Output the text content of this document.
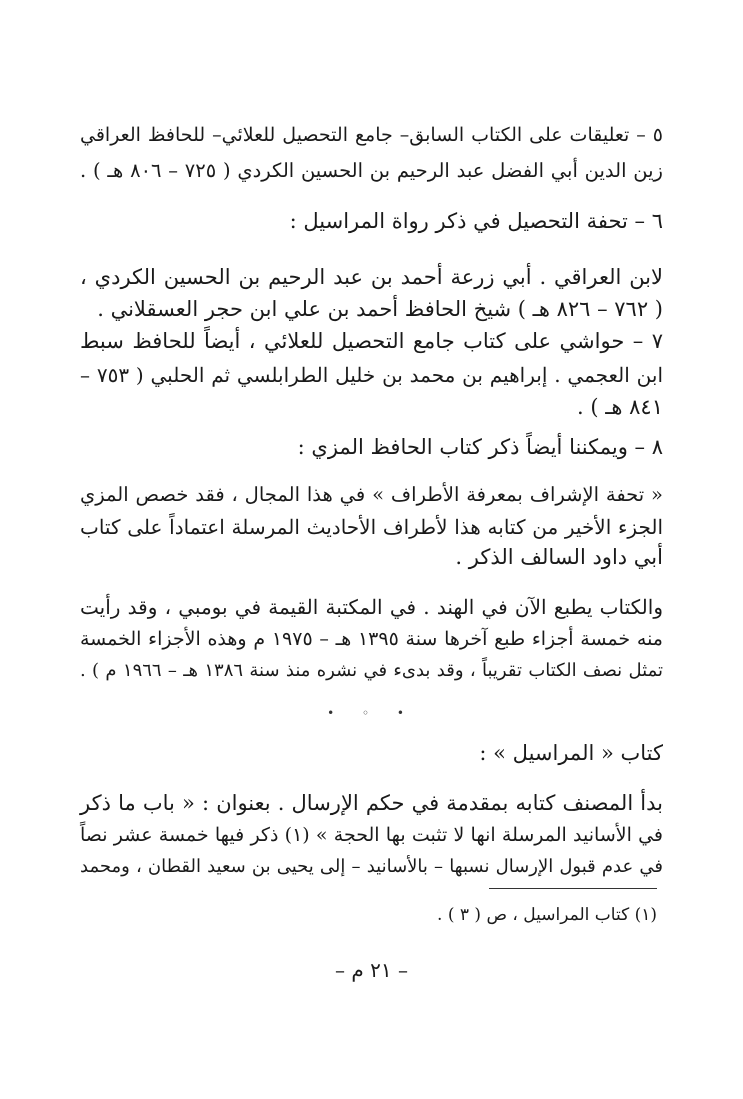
٥ – تعليقات على الكتاب السابق– جامع التحصيل للعلائي– للحافظ العراقي
زين الدين أبي الفضل عبد الرحيم بن الحسين الكردي ( ٧٢٥ – ٨٠٦ هـ ) .
٦ – تحفة التحصيل في ذكر رواة المراسيل :
لابن العراقي . أبي زرعة أحمد بن عبد الرحيم بن الحسين الكردي ،
( ٧٦٢ – ٨٢٦ هـ ) شيخ الحافظ أحمد بن علي ابن حجر العسقلاني .
٧ – حواشي على كتاب جامع التحصيل للعلائي ، أيضاً للحافظ سبط
ابن العجمي . إبراهيم بن محمد بن خليل الطرابلسي ثم الحلبي ( ٧٥٣ –
٨٤١ هـ ) .
٨ – ويمكننا أيضاً ذكر كتاب الحافظ المزي :
« تحفة الإشراف بمعرفة الأطراف » في هذا المجال ، فقد خصص المزي
الجزء الأخير من كتابه هذا لأطراف الأحاديث المرسلة اعتماداً على كتاب
أبي داود السالف الذكر .
والكتاب يطبع الآن في الهند . في المكتبة القيمة في بومبي ، وقد رأيت
منه خمسة أجزاء طبع آخرها سنة ١٣٩٥ هـ – ١٩٧٥ م وهذه الأجزاء الخمسة
تمثل نصف الكتاب تقريباً ، وقد بدىء في نشره منذ سنة ١٣٨٦ هـ – ١٩٦٦ م ) .
• ◦ •
كتاب « المراسيل » :
بدأ المصنف كتابه بمقدمة في حكم الإرسال . بعنوان : « باب ما ذكر
في الأسانيد المرسلة انها لا تثبت بها الحجة » (١) ذكر فيها خمسة عشر نصاً
في عدم قبول الإرسال نسبها – بالأسانيد – إلى يحيى بن سعيد القطان ، ومحمد
(١) كتاب المراسيل ، ص ( ٣ ) .
– ٢١ م –
